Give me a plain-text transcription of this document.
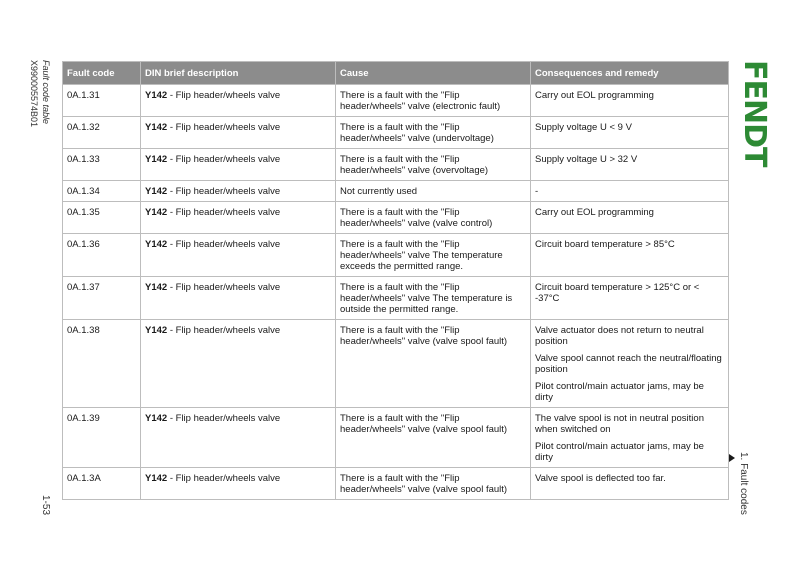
Fault code table
X990005574B01
1-53
FENDT
1. Fault codes
Fault code	DIN brief description	Cause	Consequences and remedy
0A.1.31	Y142 - Flip header/wheels valve	There is a fault with the "Flip header/wheels" valve (electronic fault)	Carry out EOL programming

0A.1.32	Y142 - Flip header/wheels valve	There is a fault with the "Flip header/wheels" valve (undervoltage)	Supply voltage U < 9 V

0A.1.33	Y142 - Flip header/wheels valve	There is a fault with the "Flip header/wheels" valve (overvoltage)	Supply voltage U > 32 V

0A.1.34	Y142 - Flip header/wheels valve	Not currently used	-

0A.1.35	Y142 - Flip header/wheels valve	There is a fault with the "Flip header/wheels" valve (valve control)	Carry out EOL programming

0A.1.36	Y142 - Flip header/wheels valve	There is a fault with the "Flip header/wheels" valve The temperature exceeds the permitted range.	Circuit board temperature > 85°C

0A.1.37	Y142 - Flip header/wheels valve	There is a fault with the "Flip header/wheels" valve The temperature is outside the permitted range.	Circuit board temperature > 125°C or < -37°C

0A.1.38	Y142 - Flip header/wheels valve	There is a fault with the "Flip header/wheels" valve (valve spool fault)	Valve actuator does not return to neutral position
Valve spool cannot reach the neutral/floating position
Pilot control/main actuator jams, may be dirty

0A.1.39	Y142 - Flip header/wheels valve	There is a fault with the "Flip header/wheels" valve (valve spool fault)	The valve spool is not in neutral position when switched on
Pilot control/main actuator jams, may be dirty

0A.1.3A	Y142 - Flip header/wheels valve	There is a fault with the "Flip header/wheels" valve (valve spool fault)	Valve spool is deflected too far.
